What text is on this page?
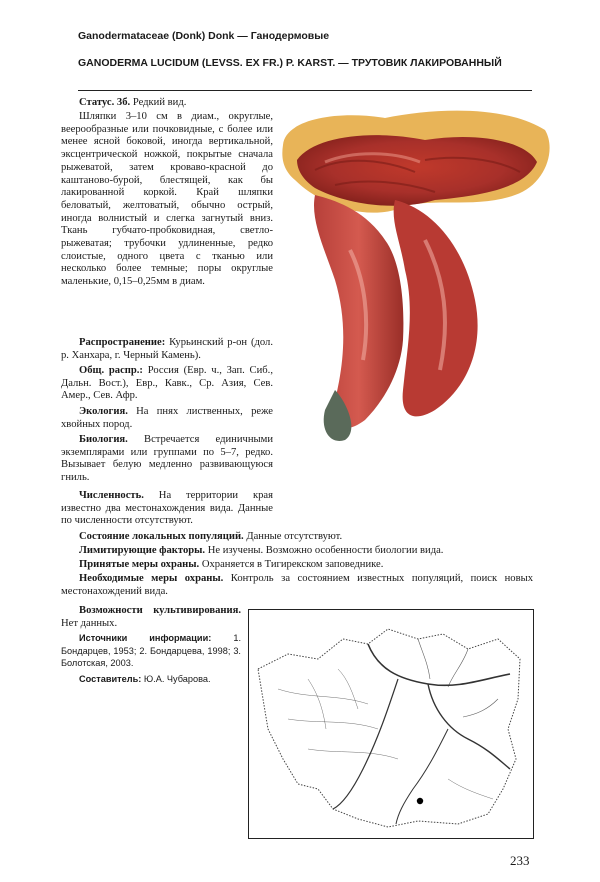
Ganodermataceae (Donk) Donk — Ганодермовые
GANODERMA LUCIDUM (LEVSS. EX FR.) P. KARST. — ТРУТОВИК ЛАКИРОВАННЫЙ

Статус. 3б. Редкий вид.

Шляпки 3–10 см в диам., округлые, веерообразные или почковидные, с более или менее ясной боковой, иногда вертикальной, эксцентрической ножкой, покрытые сначала рыжеватой, затем кроваво-красной до каштаново-бурой, блестящей, как бы лакированной коркой. Край шляпки беловатый, желтоватый, обычно острый, иногда волнистый и слегка загнутый вниз. Ткань губчато-пробковидная, светло-рыжеватая; трубочки удлиненные, редко слоистые, одного цвета с тканью или несколько более темные; поры округлые маленькие, 0,15–0,25мм в диам.

Распространение: Курьинский р-он (дол. р. Ханхара, г. Черный Камень).

Общ. распр.: Россия (Евр. ч., Зап. Сиб., Дальн. Вост.), Евр., Кавк., Ср. Азия, Сев. Амер., Сев. Афр.

Экология. На пнях лиственных, реже хвойных пород.

Биология. Встречается единичными экземплярами или группами по 5–7, редко. Вызывает белую медленно развивающуюся гниль.

Численность. На территории края известно два местонахождения вида. Данные по численности отсутствуют.

Состояние локальных популяций. Данные отсутствуют.

Лимитирующие факторы. Не изучены. Возможно особенности биологии вида.

Принятые меры охраны. Охраняется в Тигирекском заповеднике.

Необходимые меры охраны. Контроль за состоянием известных популяций, поиск новых местонахождений вида.

Возможности культивирования. Нет данных.

Источники информации: 1. Бондарцев, 1953; 2. Бондарцева, 1998; 3. Болотская, 2003.

Составитель: Ю.А. Чубарова.

233
